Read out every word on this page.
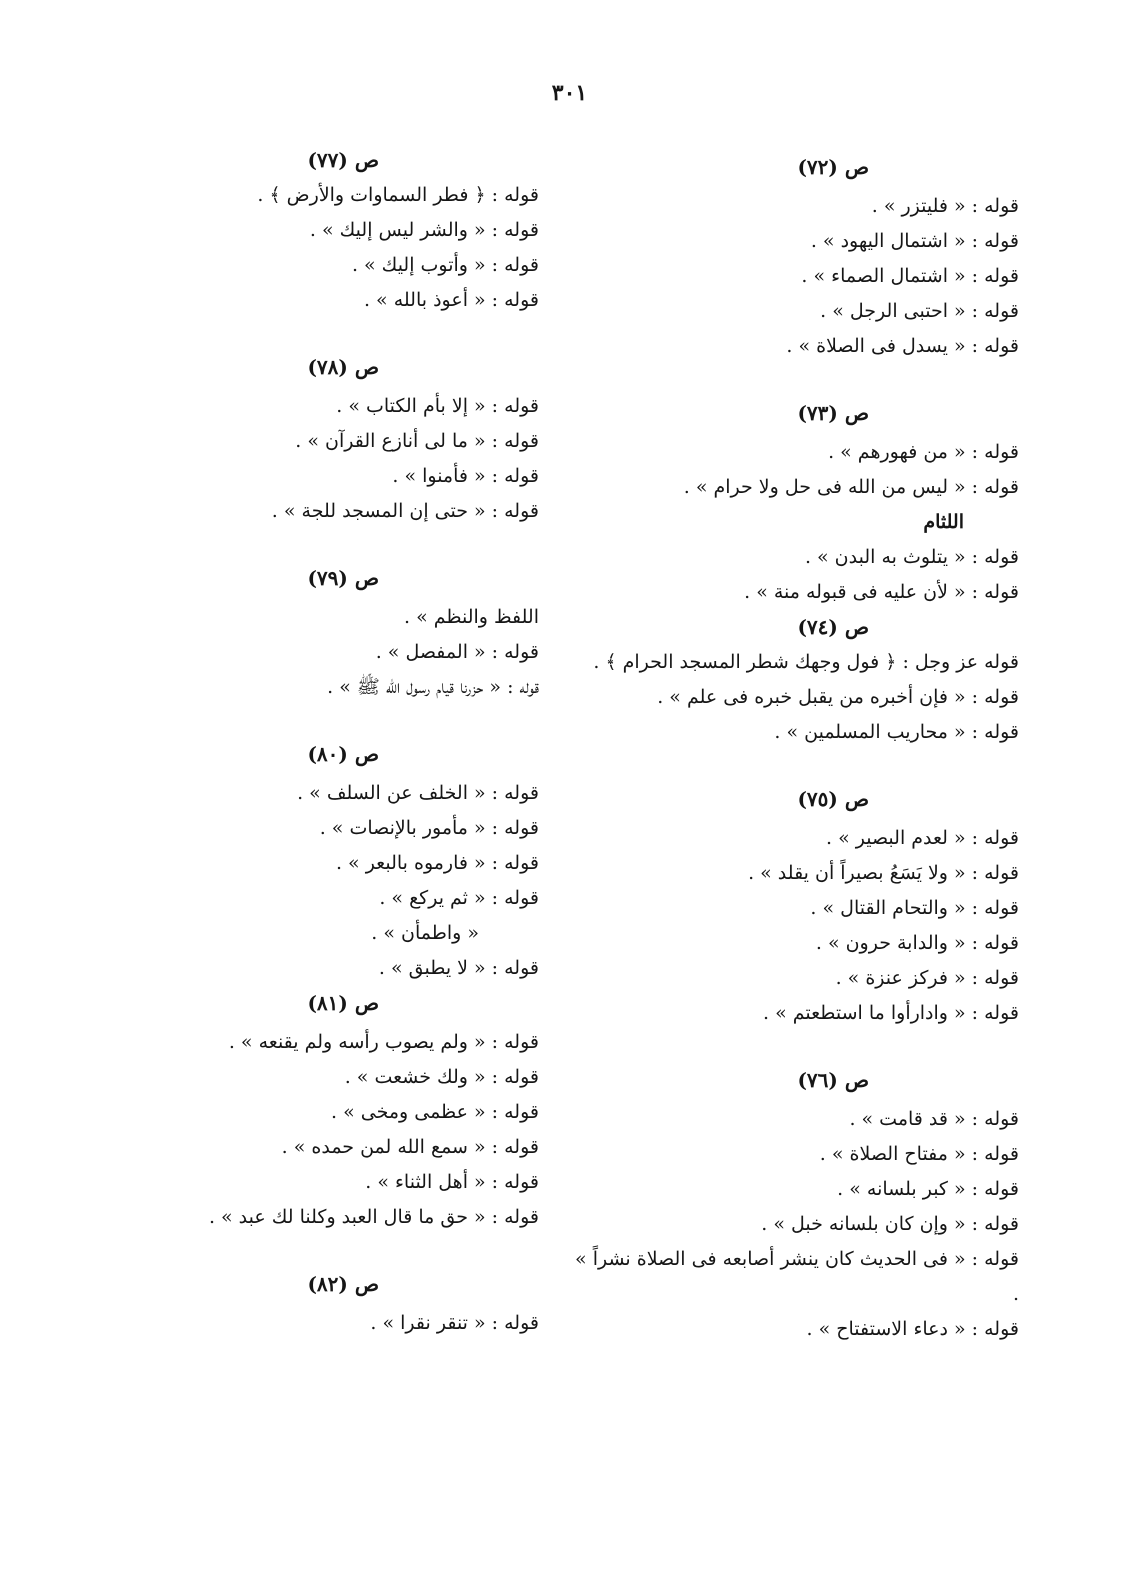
٣٠١
ص (٧٢)
قوله : « فليتزر » .
قوله : « اشتمال اليهود » .
قوله : « اشتمال الصماء » .
قوله : « احتبى الرجل » .
قوله : « يسدل فى الصلاة » .
ص (٧٣)
قوله : « من فهورهم » .
قوله : « ليس من الله فى حل ولا حرام » .
اللثام
قوله : « يتلوث به البدن » .
قوله : « لأن عليه فى قبوله منة » .
ص (٧٤)
قوله عز وجل : ﴿ فول وجهك شطر المسجد الحرام ﴾ .
قوله : « فإن أخبره من يقبل خبره فى علم » .
قوله : « محاريب المسلمين » .
ص (٧٥)
قوله : « لعدم البصير » .
قوله : « ولا يَسَعُ بصيراً أن يقلد » .
قوله : « والتحام القتال » .
قوله : « والدابة حرون » .
قوله : « فركز عنزة » .
قوله : « وادارأوا ما استطعتم » .
ص (٧٦)
قوله : « قد قامت » .
قوله : « مفتاح الصلاة » .
قوله : « كبر بلسانه » .
قوله : « وإن كان بلسانه خبل » .
قوله : « فى الحديث كان ينشر أصابعه فى الصلاة نشراً » .
قوله : « دعاء الاستفتاح » .
ص (٧٧)
قوله : ﴿ فطر السماوات والأرض ﴾ .
قوله : « والشر ليس إليك » .
قوله : « وأتوب إليك » .
قوله : « أعوذ بالله » .
ص (٧٨)
قوله : « إلا بأم الكتاب » .
قوله : « ما لى أنازع القرآن » .
قوله : « فأمنوا » .
قوله : « حتى إن المسجد للجة » .
ص (٧٩)
اللفظ والنظم » .
قوله : « المفصل » .
قوله : « حزرنا قيام رسول الله ﷺ » .
ص (٨٠)
قوله : « الخلف عن السلف » .
قوله : « مأمور بالإنصات » .
قوله : « فارموه بالبعر » .
قوله : « ثم يركع » .
« واطمأن » .
قوله : « لا يطبق » .
ص (٨١)
قوله : « ولم يصوب رأسه ولم يقنعه » .
قوله : « ولك خشعت » .
قوله : « عظمى ومخى » .
قوله : « سمع الله لمن حمده » .
قوله : « أهل الثناء » .
قوله : « حق ما قال العبد وكلنا لك عبد » .
ص (٨٢)
قوله : « تنقر نقرا » .
